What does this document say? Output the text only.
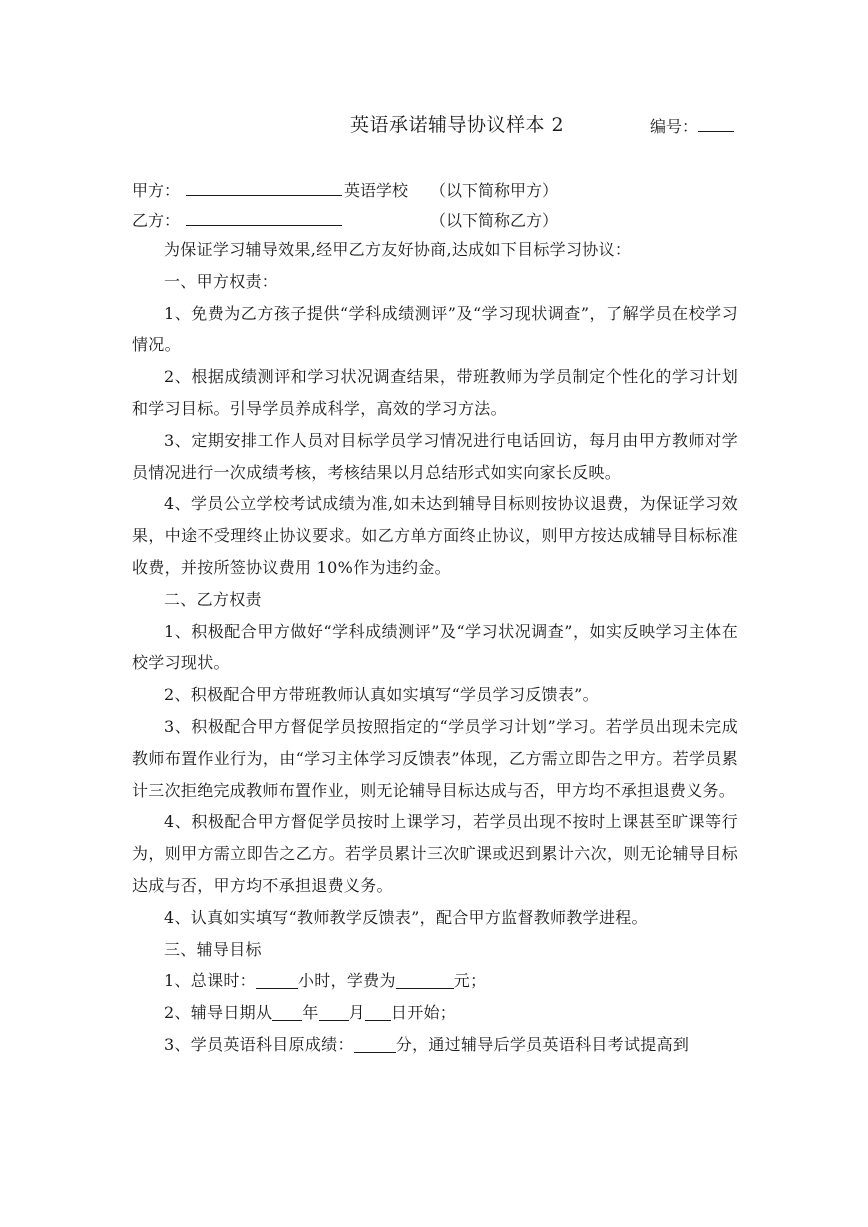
英语承诺辅导协议样本 2	编号：
甲方：	英语学校 （以下简称甲方）
乙方：	（以下简称乙方）

为保证学习辅导效果,经甲乙方友好协商,达成如下目标学习协议：

一、甲方权责：

1、免费为乙方孩子提供“学科成绩测评”及“学习现状调查”，了解学员在校学习情况。

2、根据成绩测评和学习状况调查结果，带班教师为学员制定个性化的学习计划和学习目标。引导学员养成科学，高效的学习方法。

3、定期安排工作人员对目标学员学习情况进行电话回访，每月由甲方教师对学员情况进行一次成绩考核，考核结果以月总结形式如实向家长反映。

4、学员公立学校考试成绩为准,如未达到辅导目标则按协议退费，为保证学习效果，中途不受理终止协议要求。如乙方单方面终止协议，则甲方按达成辅导目标标准收费，并按所签协议费用 10%作为违约金。

二、乙方权责

1、积极配合甲方做好“学科成绩测评”及“学习状况调查”，如实反映学习主体在校学习现状。

2、积极配合甲方带班教师认真如实填写“学员学习反馈表”。

3、积极配合甲方督促学员按照指定的“学员学习计划”学习。若学员出现未完成教师布置作业行为，由“学习主体学习反馈表”体现，乙方需立即告之甲方。若学员累计三次拒绝完成教师布置作业，则无论辅导目标达成与否，甲方均不承担退费义务。

4、积极配合甲方督促学员按时上课学习，若学员出现不按时上课甚至旷课等行为，则甲方需立即告之乙方。若学员累计三次旷课或迟到累计六次，则无论辅导目标达成与否，甲方均不承担退费义务。

4、认真如实填写“教师教学反馈表”，配合甲方监督教师教学进程。

三、辅导目标

1、总课时：	小时，学费为	元；

2、辅导日期从 年 月 日开始；

3、学员英语科目原成绩：	分，通过辅导后学员英语科目考试提高到
